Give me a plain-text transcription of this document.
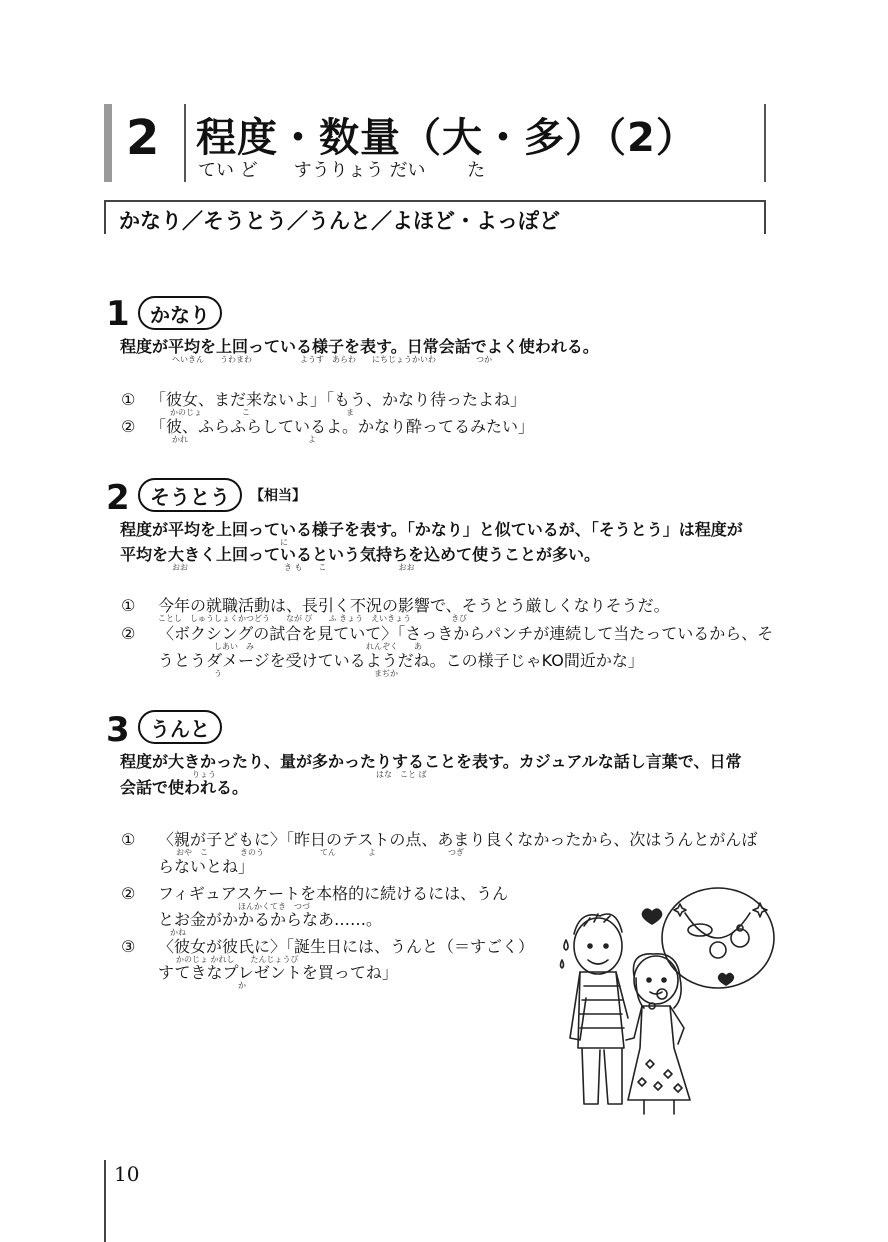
2 程度・数量（大・多）（2）
てい ど　　すうりょう だい　　 た
かなり／そうとう／うんと／よほど・よっぽど
1	かなり
程度が平均を上回っている様子を表す。日常会話でよく使われる。
へいきん　　うわまわ　　　　　　ようす　あらわ　　にちじょうかいわ　　　　　つか
① 「彼女、まだ来ないよ」「もう、かなり待ったよね」
かのじょ　　　　　こ　　　　　　　　　　　　ま
② 「彼、ふらふらしているよ。かなり酔ってるみたい」
かれ　　　　　　　　　　　　　　　よ
2	そうとう	【相当】
程度が平均を上回っている様子を表す。「かなり」と似ているが、「そうとう」は程度が
　　　　　　　　　　　　　　　　　　　　に
平均を大きく上回っているという気持ちを込めて使うことが多い。
おお　　　　　　　　　　　　き も　　こ　　　　　　　　　おお
① 今年の就職活動は、長引く不況の影響で、そうとう厳しくなりそうだ。
ことし　しゅうしょくかつどう　　なが び　　ふ きょう　えいきょう　　　　　きび
② 〈ボクシングの試合を見ていて〉「さっきからパンチが連続して当たっているから、そ
　　　　　　　しあい　み　　　　　　　　　　　　　　れんぞく　　あ
うとうダメージを受けているようだね。この様子じゃKO間近かな」
　　　　　　　う　　　　　　　　　　　　　　　　　　　まぢか
3	うんと
程度が大きかったり、量が多かったりすることを表す。カジュアルな話し言葉で、日常
　　　　　　　　　りょう　　　　　　　　　　　　　　　　　　　　はな　こと ば
会話で使われる。
① 〈親が子どもに〉「昨日のテストの点、あまり良くなかったから、次はうんとがんば
おや　こ　　　　きのう　　　　　　　てん　　　　よ　　　　　　　　　つぎ
らないとね」
② フィギュアスケートを本格的に続けるには、うん
　　　　　　　　　　ほんかくてき　つづ
とお金がかかるからなあ……。
　かね
③ 〈彼女が彼氏に〉「誕生日には、うんと（＝すごく）
かのじょ かれし　　たんじょうび
すてきなプレゼントを買ってね」
　　　　　　　　　　か
10
